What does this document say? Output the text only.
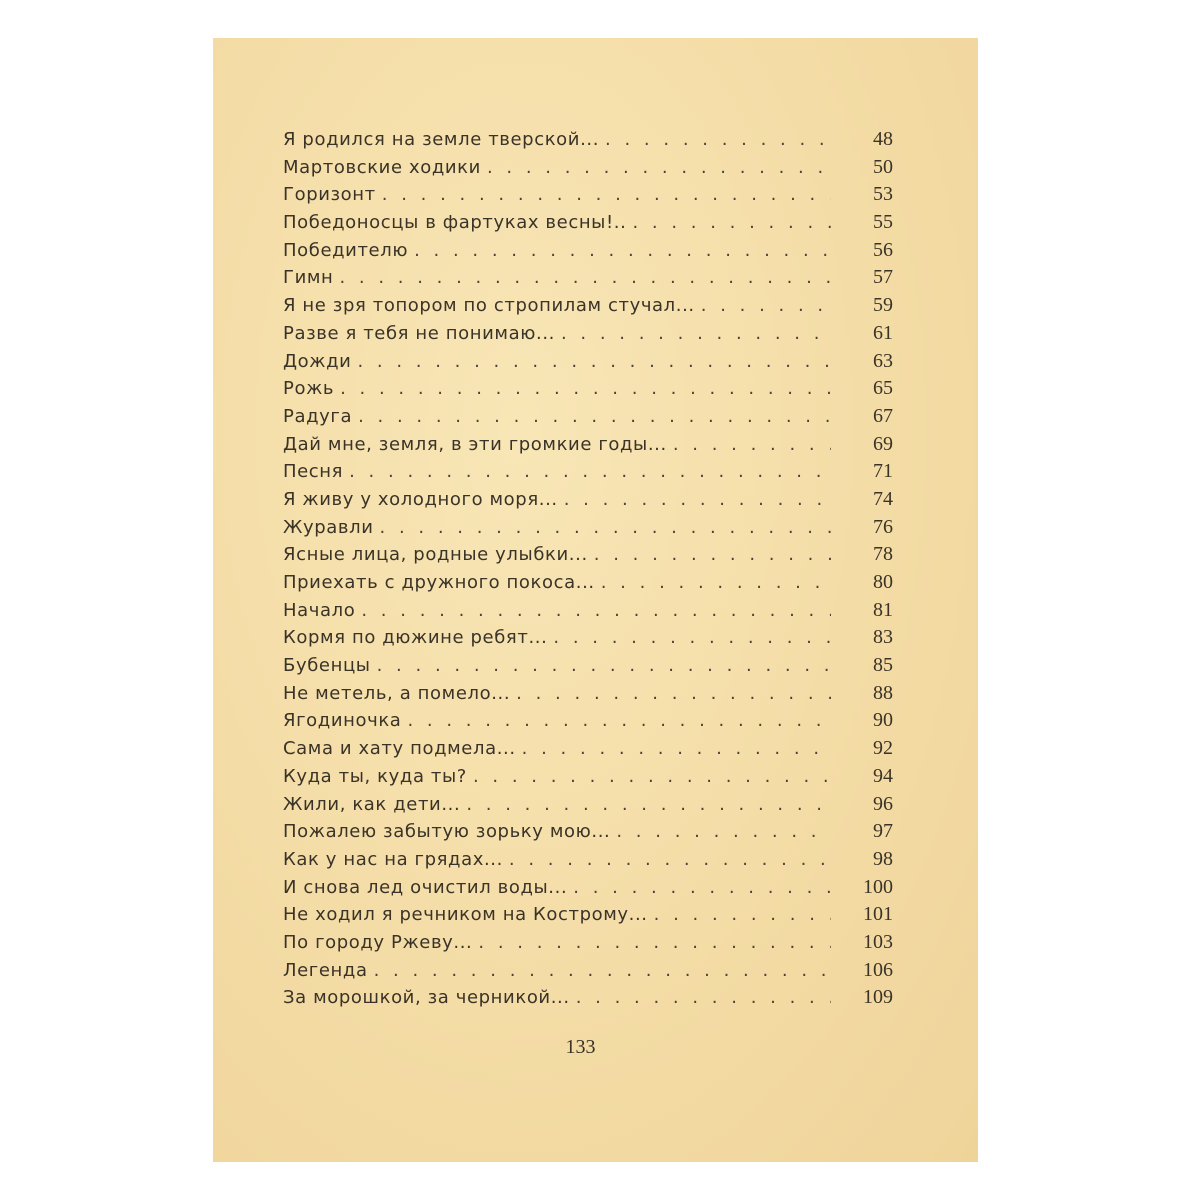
Я родился на земле тверской... . . .	48
Мартовские ходики . . .	50
Горизонт . . .	53
Победоносцы в фартуках весны!.. . . .	55
Победителю . . .	56
Гимн . . .	57
Я не зря топором по стропилам стучал... . . .	59
Разве я тебя не понимаю... . . .	61
Дожди . . .	63
Рожь . . .	65
Радуга . . .	67
Дай мне, земля, в эти громкие годы... . . .	69
Песня . . .	71
Я живу у холодного моря... . . .	74
Журавли . . .	76
Ясные лица, родные улыбки... . . .	78
Приехать с дружного покоса... . . .	80
Начало . . .	81
Кормя по дюжине ребят... . . .	83
Бубенцы . . .	85
Не метель, а помело... . . .	88
Ягодиночка . . .	90
Сама и хату подмела... . . .	92
Куда ты, куда ты? . . .	94
Жили, как дети... . . .	96
Пожалею забытую зорьку мою... . . .	97
Как у нас на грядах... . . .	98
И снова лед очистил воды... . . .	100
Не ходил я речником на Кострому... . . .	101
По городу Ржеву... . . .	103
Легенда . . .	106
За морошкой, за черникой... . . .	109
133
